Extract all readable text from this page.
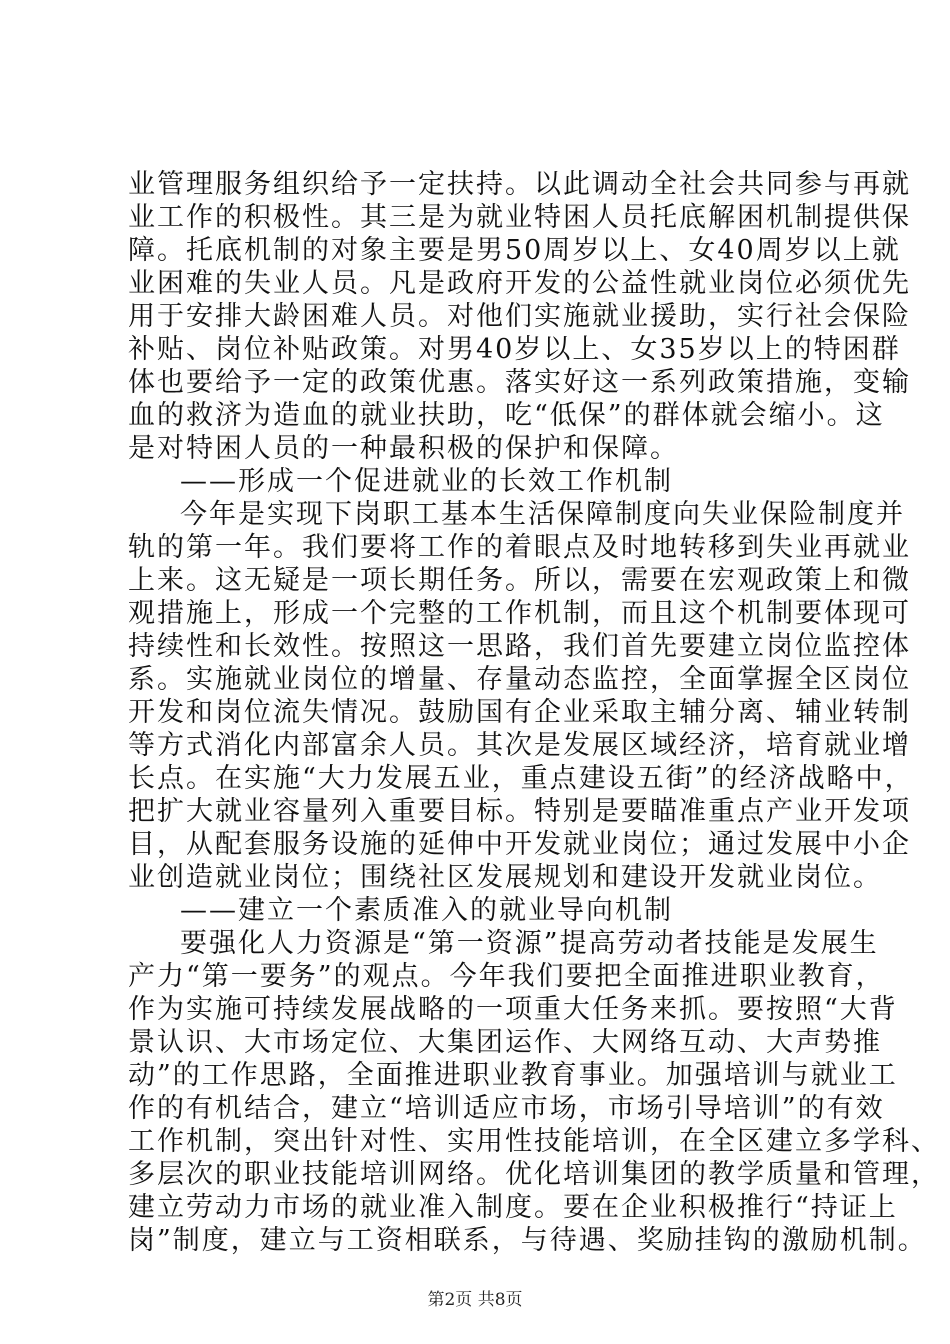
业管理服务组织给予一定扶持。以此调动全社会共同参与再就
业工作的积极性。其三是为就业特困人员托底解困机制提供保
障。托底机制的对象主要是男50周岁以上、女40周岁以上就
业困难的失业人员。凡是政府开发的公益性就业岗位必须优先
用于安排大龄困难人员。对他们实施就业援助，实行社会保险
补贴、岗位补贴政策。对男40岁以上、女35岁以上的特困群
体也要给予一定的政策优惠。落实好这一系列政策措施，变输
血的救济为造血的就业扶助，吃“低保”的群体就会缩小。这
是对特困人员的一种最积极的保护和保障。
——形成一个促进就业的长效工作机制
今年是实现下岗职工基本生活保障制度向失业保险制度并
轨的第一年。我们要将工作的着眼点及时地转移到失业再就业
上来。这无疑是一项长期任务。所以，需要在宏观政策上和微
观措施上，形成一个完整的工作机制，而且这个机制要体现可
持续性和长效性。按照这一思路，我们首先要建立岗位监控体
系。实施就业岗位的增量、存量动态监控，全面掌握全区岗位
开发和岗位流失情况。鼓励国有企业采取主辅分离、辅业转制
等方式消化内部富余人员。其次是发展区域经济，培育就业增
长点。在实施“大力发展五业，重点建设五街”的经济战略中，
把扩大就业容量列入重要目标。特别是要瞄准重点产业开发项
目，从配套服务设施的延伸中开发就业岗位；通过发展中小企
业创造就业岗位；围绕社区发展规划和建设开发就业岗位。
——建立一个素质准入的就业导向机制
要强化人力资源是“第一资源”提高劳动者技能是发展生
产力“第一要务”的观点。今年我们要把全面推进职业教育，
作为实施可持续发展战略的一项重大任务来抓。要按照“大背
景认识、大市场定位、大集团运作、大网络互动、大声势推
动”的工作思路，全面推进职业教育事业。加强培训与就业工
作的有机结合，建立“培训适应市场，市场引导培训”的有效
工作机制，突出针对性、实用性技能培训，在全区建立多学科、
多层次的职业技能培训网络。优化培训集团的教学质量和管理，
建立劳动力市场的就业准入制度。要在企业积极推行“持证上
岗”制度，建立与工资相联系，与待遇、奖励挂钩的激励机制。
第2页 共8页
